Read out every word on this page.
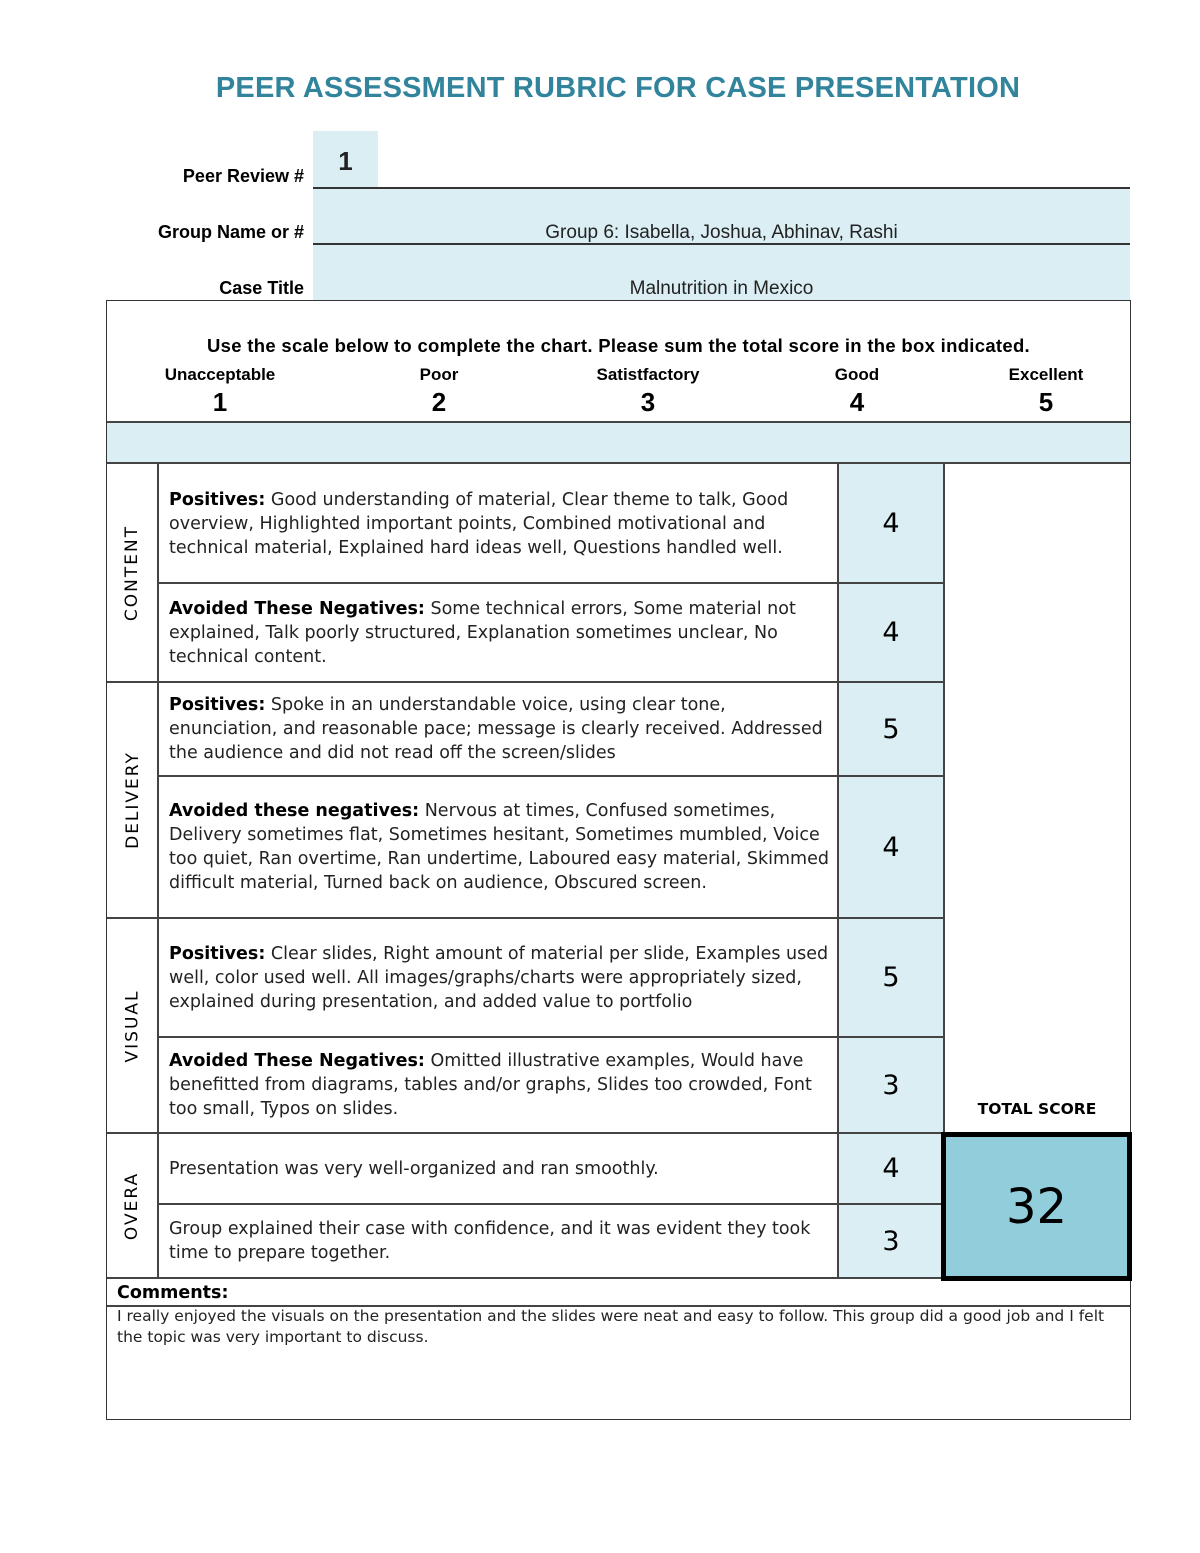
PEER ASSESSMENT RUBRIC FOR CASE PRESENTATION
Peer Review #	1
Group Name or #	Group 6: Isabella, Joshua, Abhinav, Rashi
Case Title	Malnutrition in Mexico
Use the scale below to complete the chart. Please sum the total score in the box indicated.
Unacceptable
1
Poor
2
Satistfactory
3
Good
4
Excellent
5
CONTENT
Positives: Good understanding of material, Clear theme to talk, Good overview, Highlighted important points, Combined motivational and technical material, Explained hard ideas well, Questions handled well.
4
Avoided These Negatives: Some technical errors, Some material not explained, Talk poorly structured, Explanation sometimes unclear, No technical content.
4
DELIVERY
Positives: Spoke in an understandable voice, using clear tone, enunciation, and reasonable pace; message is clearly received. Addressed the audience and did not read off the screen/slides
5
Avoided these negatives: Nervous at times, Confused sometimes, Delivery sometimes flat, Sometimes hesitant, Sometimes mumbled, Voice too quiet, Ran overtime, Ran undertime, Laboured easy material, Skimmed difficult material, Turned back on audience, Obscured screen.
4
VISUAL
Positives: Clear slides, Right amount of material per slide, Examples used well, color used well. All images/graphs/charts were appropriately sized, explained during presentation, and added value to portfolio
5
Avoided These Negatives: Omitted illustrative examples, Would have benefitted from diagrams, tables and/or graphs, Slides too crowded, Font too small, Typos on slides.
3
OVERA
Presentation was very well-organized and ran smoothly.	4
Group explained their case with confidence, and it was evident they took time to prepare together.	3
TOTAL SCORE
32
Comments:
I really enjoyed the visuals on the presentation and the slides were neat and easy to follow. This group did a good job and I felt the topic was very important to discuss.
